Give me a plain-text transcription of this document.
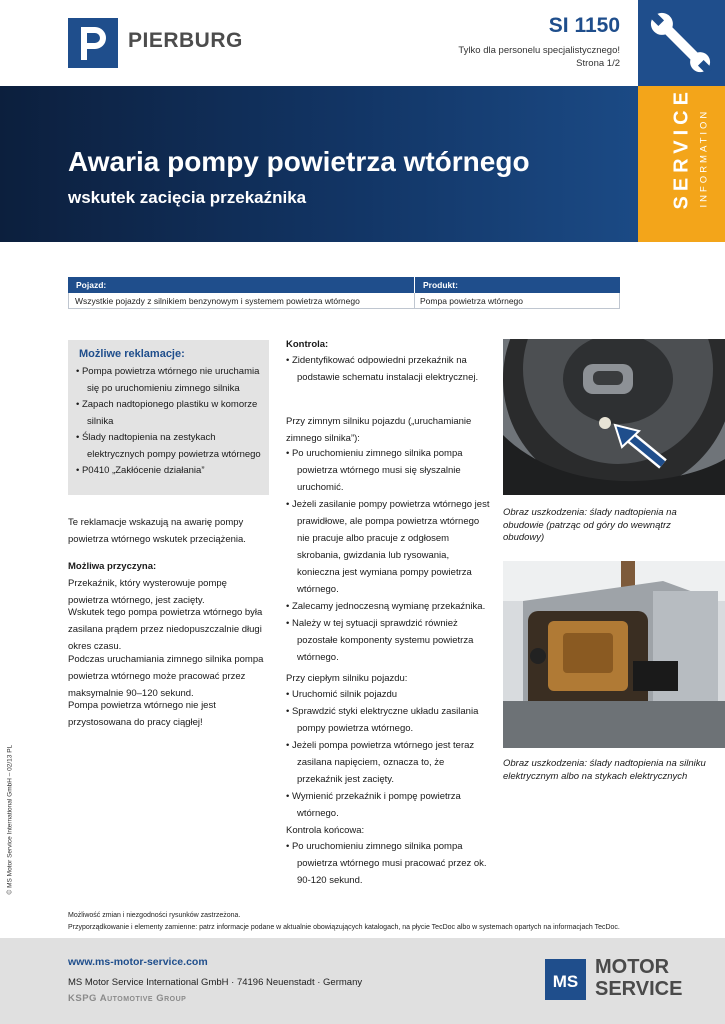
PIERBURG
SI 1150
Tylko dla personelu specjalistycznego!
Strona 1/2
Awaria pompy powietrza wtórnego
wskutek zacięcia przekaźnika	SERVICE INFORMATION
Pojazd:	Produkt:
Wszystkie pojazdy z silnikiem benzynowym i systemem powietrza wtórnego	Pompa powietrza wtórnego
Możliwe reklamacje:
• Pompa powietrza wtórnego nie uruchamia się po uruchomieniu zimnego silnika
• Zapach nadtopionego plastiku w komorze silnika
• Ślady nadtopienia na zestykach elektrycznych pompy powietrza wtórnego
• P0410 „Zakłócenie działania”
Te reklamacje wskazują na awarię pompy powietrza wtórnego wskutek przeciążenia.
Możliwa przyczyna:
Przekaźnik, który wysterowuje pompę powietrza wtórnego, jest zacięty.
Wskutek tego pompa powietrza wtórnego była zasilana prądem przez niedopuszczalnie długi okres czasu.
Podczas uruchamiania zimnego silnika pompa powietrza wtórnego może pracować przez maksymalnie 90–120 sekund.
Pompa powietrza wtórnego nie jest przystosowana do pracy ciągłej!
Kontrola:
• Zidentyfikować odpowiedni przekaźnik na podstawie schematu instalacji elektrycznej.
Przy zimnym silniku pojazdu („uruchamianie zimnego silnika”):
• Po uruchomieniu zimnego silnika pompa powietrza wtórnego musi się słyszalnie uruchomić.
• Jeżeli zasilanie pompy powietrza wtórnego jest prawidłowe, ale pompa powietrza wtórnego nie pracuje albo pracuje z odgłosem skrobania, gwizdania lub rysowania, konieczna jest wymiana pompy powietrza wtórnego.
• Zalecamy jednoczesną wymianę przekaźnika.
• Należy w tej sytuacji sprawdzić również pozostałe komponenty systemu powietrza wtórnego.
Przy ciepłym silniku pojazdu:
• Uruchomić silnik pojazdu
• Sprawdzić styki elektryczne układu zasilania pompy powietrza wtórnego.
• Jeżeli pompa powietrza wtórnego jest teraz zasilana napięciem, oznacza to, że przekaźnik jest zacięty.
• Wymienić przekaźnik i pompę powietrza wtórnego.
Kontrola końcowa:
• Po uruchomieniu zimnego silnika pompa powietrza wtórnego musi pracować przez ok. 90-120 sekund.
Obraz uszkodzenia: ślady nadtopienia na obudowie (patrząc od góry do wewnątrz obudowy)
Obraz uszkodzenia: ślady nadtopienia na silniku elektrycznym albo na stykach elektrycznych
© MS Motor Service International GmbH – 02/13 PL
Możliwość zmian i niezgodności rysunków zastrzeżona.
Przyporządkowanie i elementy zamienne: patrz informacje podane w aktualnie obowiązujących katalogach, na płycie TecDoc albo w systemach opartych na informacjach TecDoc.
www.ms-motor-service.com
MS Motor Service International GmbH · 74196 Neuenstadt · Germany
KSPG Automotive Group
MS
MOTOR
SERVICE
